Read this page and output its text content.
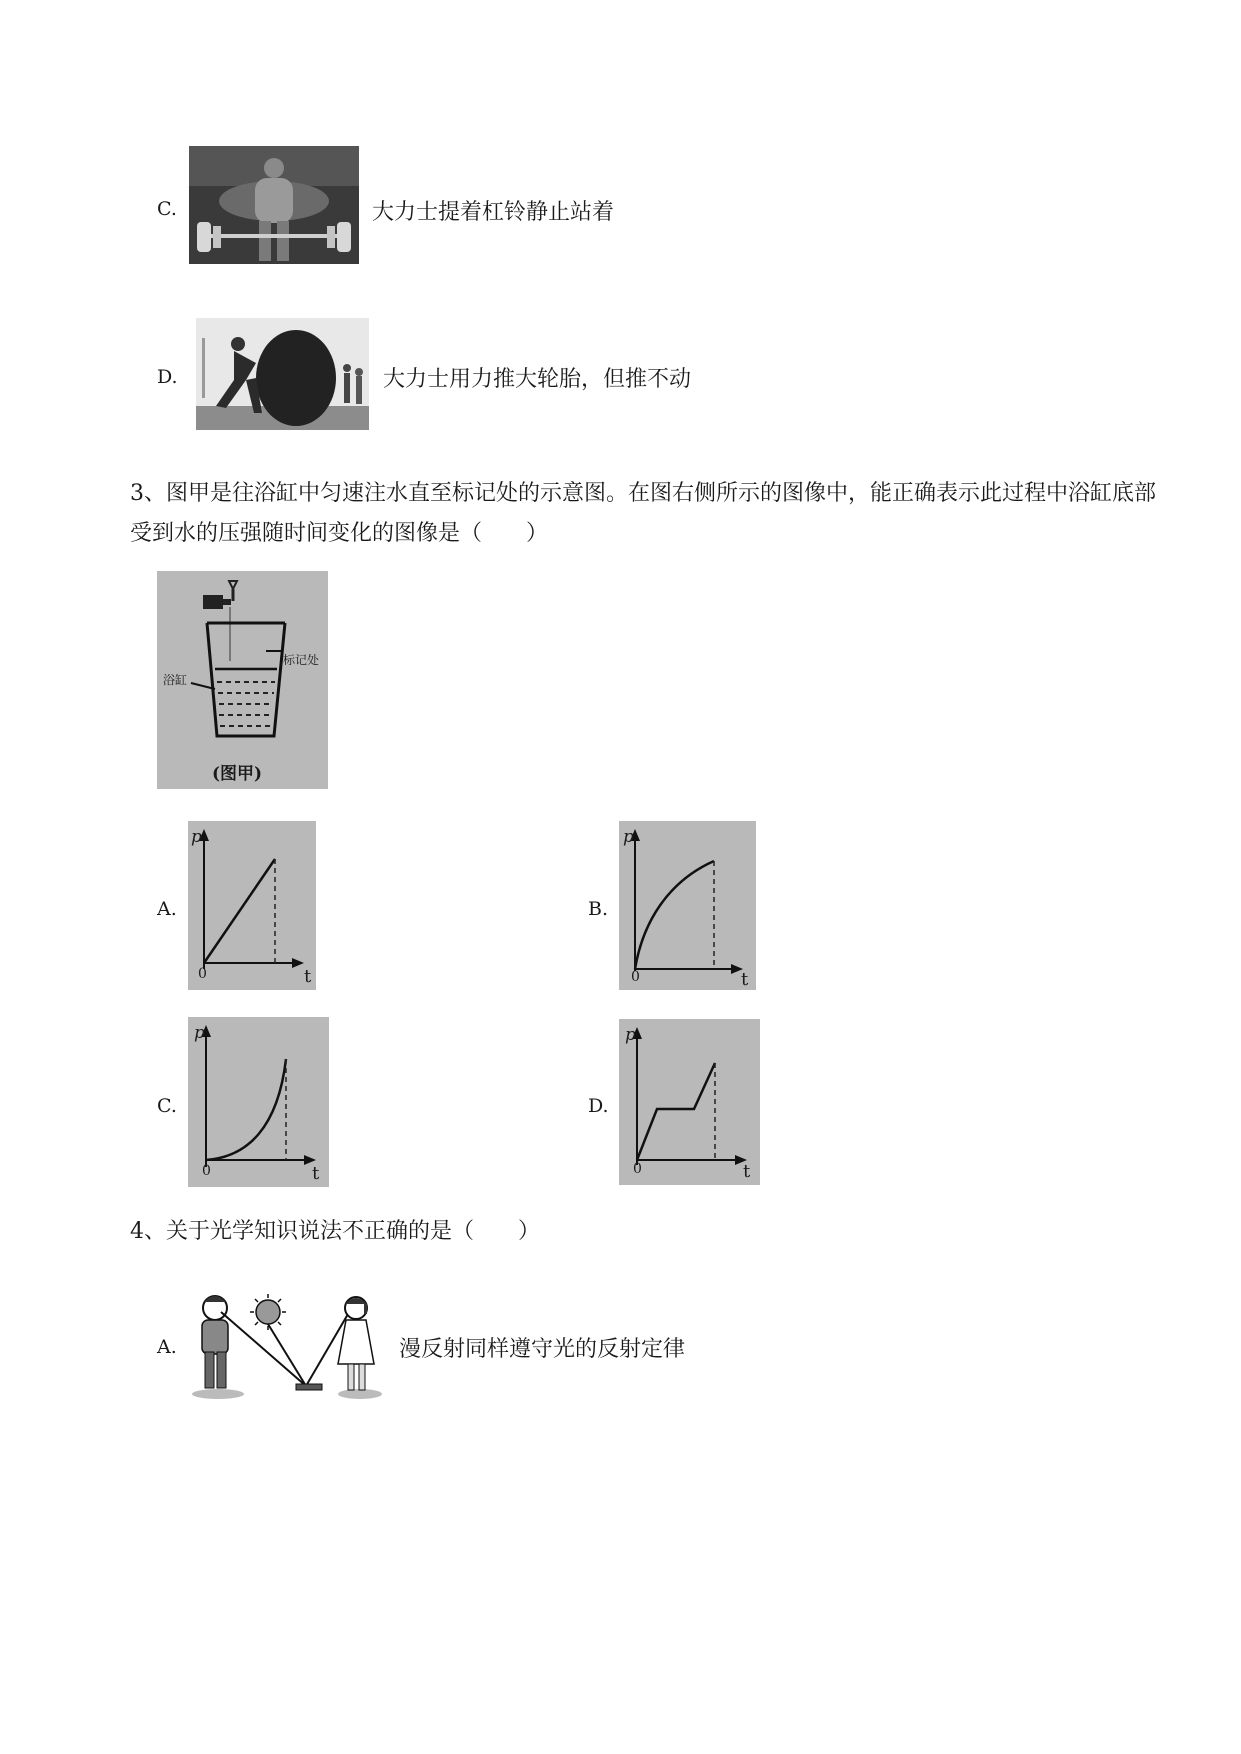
C.	大力士提着杠铃静止站着
D.	大力士用力推大轮胎，但推不动
3、图甲是往浴缸中匀速注水直至标记处的示意图。在图右侧所示的图像中，能正确表示此过程中浴缸底部受到水的压强随时间变化的图像是（　　）
标记处
浴缸
(图甲)
A.
p
t
0
B.
p
t
0
C.
p
t
0
D.
p
t
0
4、关于光学知识说法不正确的是（　　）
A.	漫反射同样遵守光的反射定律
